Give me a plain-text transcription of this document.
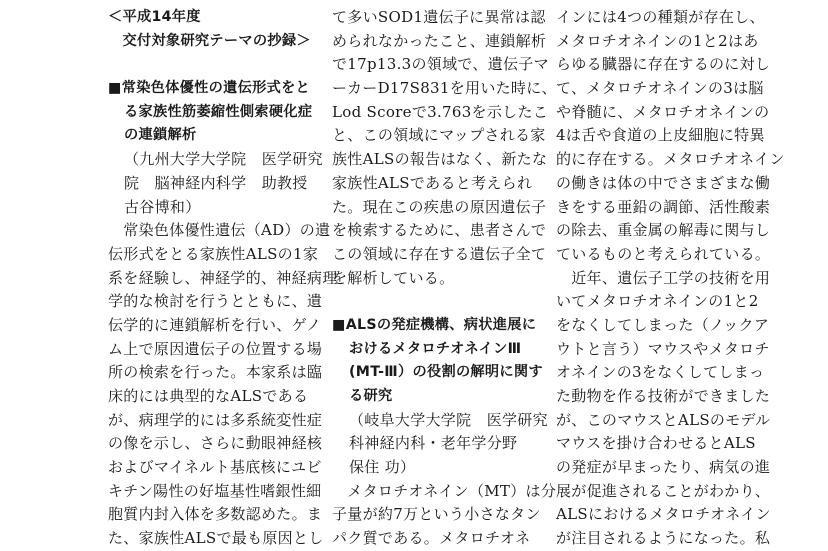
＜平成14年度
　交付対象研究テーマの抄録＞
■常染色体優性の遺伝形式をと
る家族性筋萎縮性側索硬化症
の連鎖解析
（九州大学大学院　医学研究
院　脳神経内科学　助教授
古谷博和）
　常染色体優性遺伝（AD）の遺
伝形式をとる家族性ALSの1家
系を経験し、神経学的、神経病理
学的な検討を行うとともに、遺
伝学的に連鎖解析を行い、ゲノ
ム上で原因遺伝子の位置する場
所の検索を行った。本家系は臨
床的には典型的なALSである
が、病理学的には多系統変性症
の像を示し、さらに動眼神経核
およびマイネルト基底核にユビ
キチン陽性の好塩基性嗜銀性細
胞質内封入体を多数認めた。ま
た、家族性ALSで最も原因とし
て多いSOD1遺伝子に異常は認
められなかったこと、連鎖解析
で17p13.3の領域で、遺伝子マ
ーカーD17S831を用いた時に、
Lod Scoreで3.763を示したこ
と、この領域にマップされる家
族性ALSの報告はなく、新たな
家族性ALSであると考えられ
た。現在この疾患の原因遺伝子
を検索するために、患者さんで
この領域に存在する遺伝子全て
を解析している。
■ALSの発症機構、病状進展に
おけるメタロチオネインⅢ
(MT-Ⅲ）の役割の解明に関す
る研究
（岐阜大学大学院　医学研究
科神経内科・老年学分野
保住 功）
　メタロチオネイン（MT）は分
子量が約7万という小さなタン
パク質である。メタロチオネ
インには4つの種類が存在し、
メタロチオネインの1と2はあ
らゆる臓器に存在するのに対し
て、メタロチオネインの3は脳
や脊髄に、メタロチオネインの
4は舌や食道の上皮細胞に特異
的に存在する。メタロチオネイン
の働きは体の中でさまざまな働
きをする亜鉛の調節、活性酸素
の除去、重金属の解毒に関与し
ているものと考えられている。
　近年、遺伝子工学の技術を用
いてメタロチオネインの1と2
をなくしてしまった（ノックア
ウトと言う）マウスやメタロチ
オネインの3をなくしてしまっ
た動物を作る技術ができました
が、このマウスとALSのモデル
マウスを掛け合わせるとALS
の発症が早まったり、病気の進
展が促進されることがわかり、
ALSにおけるメタロチオネイン
が注目されるようになった。私
